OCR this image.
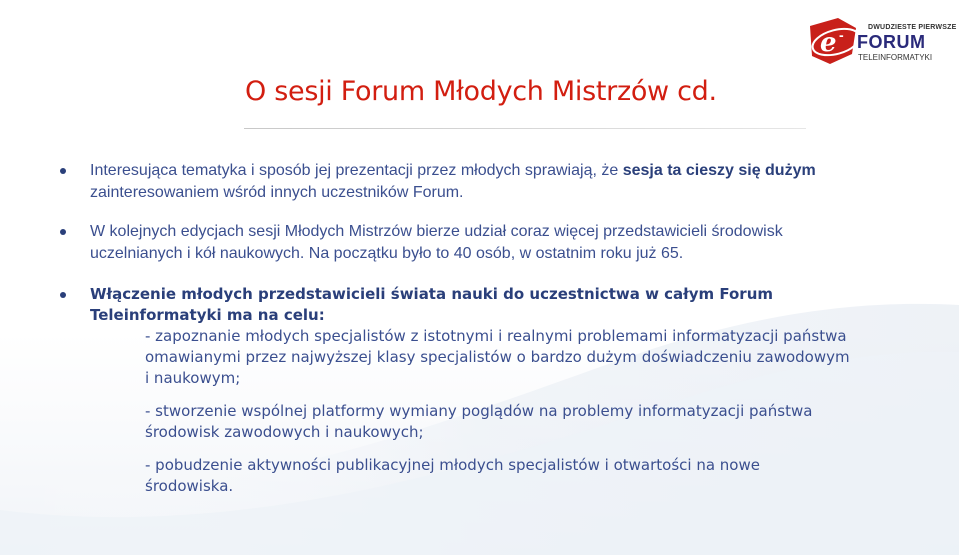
e -	DWUDZIESTE PIERWSZE
FORUM
TELEINFORMATYKI
O sesji Forum Młodych Mistrzów cd.
Interesująca tematyka i sposób jej prezentacji przez młodych sprawiają, że sesja ta cieszy się dużym zainteresowaniem wśród innych uczestników Forum.
W kolejnych edycjach sesji Młodych Mistrzów bierze udział coraz więcej przedstawicieli środowisk uczelnianych i kół naukowych. Na początku było to 40 osób, w ostatnim roku już 65.
Włączenie młodych przedstawicieli świata nauki do uczestnictwa w całym Forum Teleinformatyki ma na celu:

- zapoznanie młodych specjalistów z istotnymi i realnymi problemami informatyzacji państwa omawianymi przez najwyższej klasy specjalistów o bardzo dużym doświadczeniu zawodowym i naukowym;

- stworzenie wspólnej platformy wymiany poglądów na problemy informatyzacji państwa środowisk zawodowych i naukowych;

- pobudzenie aktywności publikacyjnej młodych specjalistów i otwartości na nowe środowiska.
